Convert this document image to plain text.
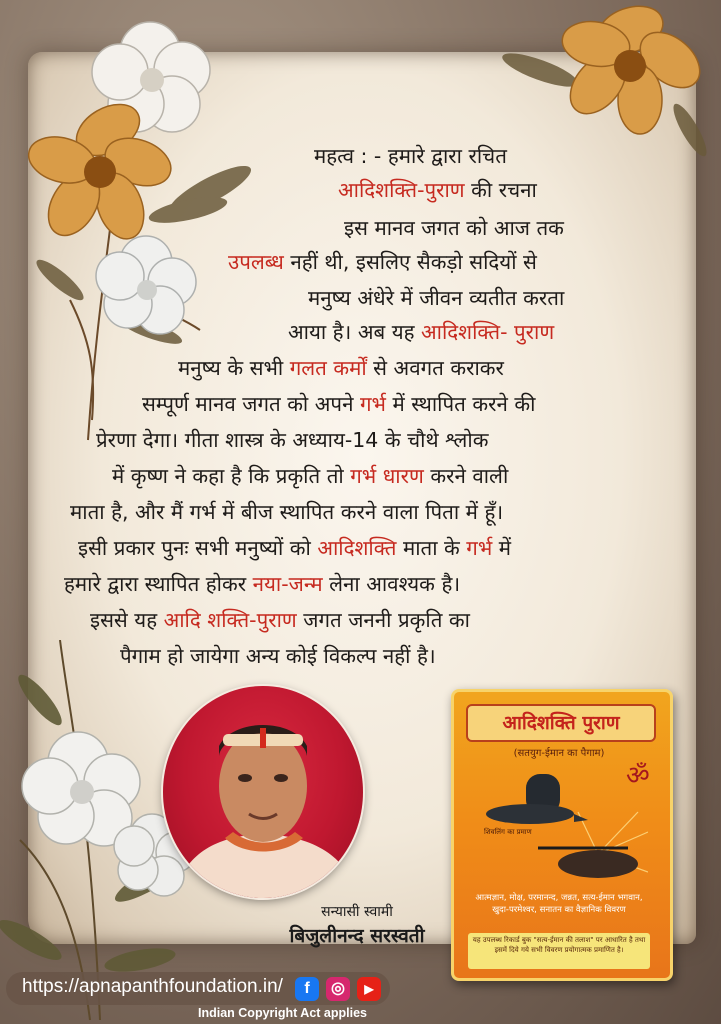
महत्व : - हमारे द्वारा रचित
आदिशक्ति-पुराण की रचना
इस मानव जगत को आज तक
उपलब्ध नहीं थी, इसलिए सैकड़ो सदियों से
मनुष्य अंधेरे में जीवन व्यतीत करता
आया है। अब यह आदिशक्ति- पुराण
मनुष्य के सभी गलत कर्मों से अवगत कराकर
सम्पूर्ण मानव जगत को अपने गर्भ में स्थापित करने की
प्रेरणा देगा। गीता शास्त्र के अध्याय-14 के चौथे श्लोक
में कृष्ण ने कहा है कि प्रकृति तो गर्भ धारण करने वाली
माता है, और मैं गर्भ में बीज स्थापित करने वाला पिता में हूँ।
इसी प्रकार पुनः सभी मनुष्यों को आदिशक्ति माता के गर्भ में
हमारे द्वारा स्थापित होकर नया-जन्म लेना आवश्यक है।
इससे यह आदि शक्ति-पुराण जगत जननी प्रकृति का
पैगाम हो जायेगा अन्य कोई विकल्प नहीं है।
सन्यासी स्वामी
बिजुलीनन्द सरस्वती
आदिशक्ति पुराण
(सतयुग-ईमान का पैगाम)
ॐ
शिवलिंग का प्रमाण
आत्मज्ञान, मोक्ष, परमानन्द, जन्नत, सत्य-ईमान भगवान, खुदा-परमेश्वर, सनातन का वैज्ञानिक विवरण
यह उपलब्ध रिकार्ड बुक "सत्य-ईमान की तलाश" पर आधारित है तथा इसमें दिये गये सभी विवरण प्रयोगात्मक प्रमाणित है।
https://apnapanthfoundation.in/	f	◎	▶
Indian Copyright Act applies
